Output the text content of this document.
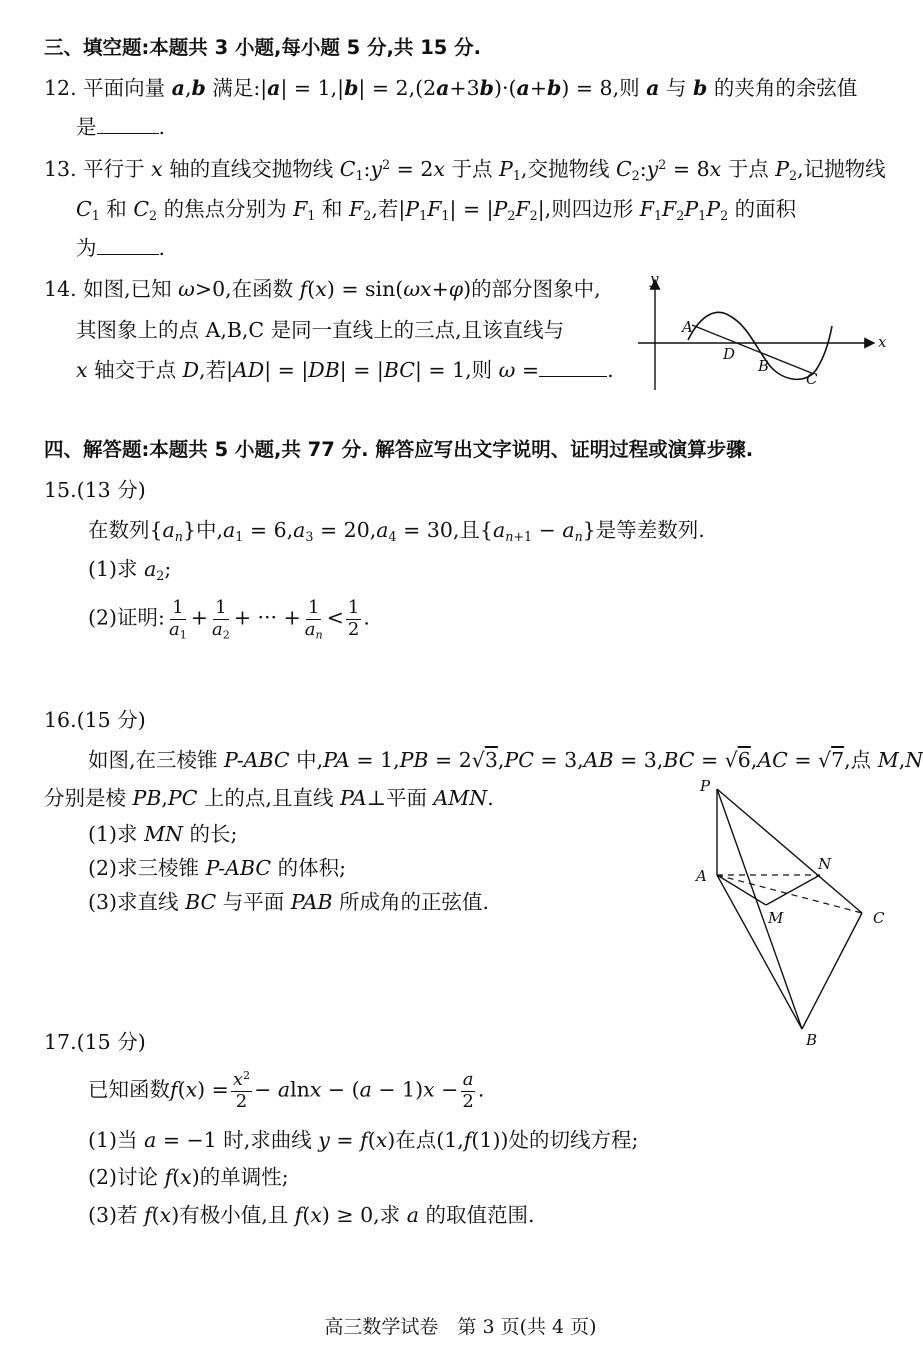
三、填空题:本题共 3 小题,每小题 5 分,共 15 分.
12. 平面向量 a,b 满足:|a| = 1,|b| = 2,(2a+3b)·(a+b) = 8,则 a 与 b 的夹角的余弦值
是	.
13. 平行于 x 轴的直线交抛物线 $C_1:y^2 = 2x$ 于点 $P_1$,交抛物线 $C_2:y^2 = 8x$ 于点 $P_2$,记抛物线
$C_1$ 和 $C_2$ 的焦点分别为 $F_1$ 和 $F_2$,若$|P_1F_1| = |P_2F_2|$,则四边形 $F_1F_2P_1P_2$ 的面积
为	.
14. 如图,已知 ω>0,在函数 f(x) = sin(ωx+φ)的部分图象中,
其图象上的点 A,B,C 是同一直线上的三点,且该直线与
x 轴交于点 D,若|AD| = |DB| = |BC| = 1,则 ω =	.
y
x
A
D
B
C
四、解答题:本题共 5 小题,共 77 分. 解答应写出文字说明、证明过程或演算步骤.
15.(13 分)
在数列$\{a_n\}$中$,a_1 = 6,a_3 = 20,a_4 = 30$,且$\{a_{n+1} - a_n\}$是等差数列.
(1)求 $a_2$;
(2)证明: $\frac{1}{a_1} + \frac{1}{a_2}$ + ··· + $\frac{1}{a_n} < \frac{1}{2}$ .
16.(15 分)
如图,在三棱锥 P-ABC 中,PA = 1,PB = 2√3,PC = 3,AB = 3,BC = √6,AC = √7,点 M,N
分别是棱 PB,PC 上的点,且直线 PA⊥平面 AMN.
(1)求 MN 的长;
(2)求三棱锥 P-ABC 的体积;
(3)求直线 BC 与平面 PAB 所成角的正弦值.
P
A
N
M	C
B
17.(15 分)
已知函数$f(x) = \frac{x^2}{2} - alnx - (a - 1)x - \frac{a}{2}$ .
(1)当 a = −1 时,求曲线 y = f(x)在点(1,f(1))处的切线方程;
(2)讨论 f(x)的单调性;
(3)若 f(x)有极小值,且 f(x) ≥ 0,求 a 的取值范围.
高三数学试卷　第 3 页(共 4 页)
